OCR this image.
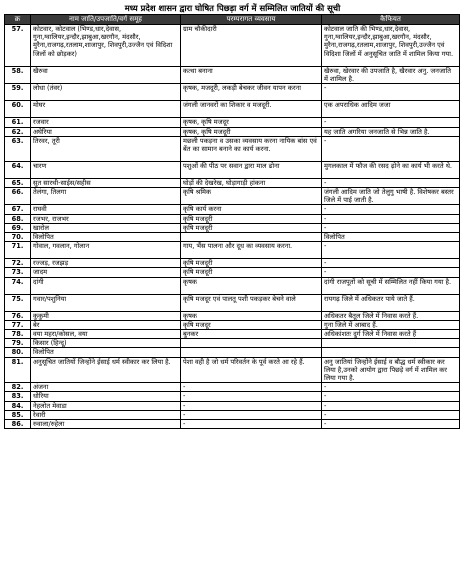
मध्य प्रदेश शासन द्वारा घोषित पिछड़ा वर्ग में सम्मिलित जातियों की सूची
क्र	नाम जाति/उपजाति/वर्ग समूह	परम्परागत व्यवसाय	कैफियत
57.	कोटवार, कोटवाल (भिण्ड,धार,देवास, गुना,ग्वालियर,इन्दौर,झाबुआ,खरगौन, मंदसौर, मुरैना,राजगढ़,रतलाम,शाजापुर, शिवपुरी,उज्जैन एवं विदिशा जिलों को छोड़कर)	ग्राम चौकीदारी	कोटवाल जाति की भिण्ड,धार,देवास, गुना,ग्वालियर,इन्दौर,झाबुआ,खरगौन, मंदसौर, मुरैना,राजगढ़,रतलाम,शाजापुर, शिवपुरी,उज्जैन एवं विदिशा जिलों में अनुसूचित जाति में शामिल किया गया.
58.	खैरुवा	कत्था बनाना	खैरुवा, खेरवार की उपजाति है, खैरवार अनु. जनजाति में शामिल है.
59.	लोधा (तंवर)	कृषक, मजदूरी, लकड़ी बेचकर जीवन यापन करना	-
60.	मोघर	जंगली जानवरों का शिकार व मजदूरी.	एक अपराधिक आदिम जजा
61.	रजवार	कृषक, कृषि मजदूर	-
62.	अघेरिया	कृषक, कृषि मजदूरी	यह जाति अगरिया जनजाति से भिन्न जाति है.
63.	तिरवर, तूरी	मछली पकड़ना व उसका व्यवसाय करना नायिक बांस एवं बेंत का सामान बनाने का कार्य करना.	-
64.	चारण	पशुओं की पीठ पर सवान द्वारा माल ढोना	मुगलकाल में फौज की रसद ढ़ोने का कार्य भी करते थे.
65.	सुत सारथी-साईस/सहीस	घोड़ों की देखरेख, घोड़ागाड़ी हांकना	-
66.	तेलंगा, तिलगा	कृषि श्रमिक	जंगली आदिम जाति जो तेलुगु भाषी है. विशेषकर बस्तर जिले में पाई जाती है.
67.	राघवी	कृषि कार्य करना	-
68.	रजभर, राजभर	कृषि मजदूरी	-
69.	खारोल	कृषि मजदूरी	-
70.	विलोपित		विलोपित
71.	गोवाल, गवलान, गोलान	गाय, भैंस पालना और दूध का व्यवसाय करना.	-
72.	रज्जड़, रजझड़	कृषि मजदूरी	-
73.	जादम	कृषि मजदूरी	-
74.	दांगी	कृषक	दांगी राजपूतों को सूची में सम्मिलित नहीं किया गया है.
75.	गवार/पशुनिया	कृषि मजदूर एवं पालतू पशी पकड़कर बेचने वाले	रायगढ़ जिले में अधिकतर पाये जाते हैं.
76.	कुकुमी	कृषक	अधिकतर बैतूल जिले में निवास करते हैं.
77.	बेर	कृषि मजदूर	गुना जिले में आबाद हैं.
78.	वया महरा/कोसल, वया	बुनकर	अधिकांशतः दुर्ग जिले में निवास करते हैं
79.	किसार (हिन्दू)		
80.	विलोपित		
81.	अनुसूचित जातियों जिन्होंने ईसाई धर्म स्वीकार कर लिया है.	पेशा वही है जो धर्म परिवर्तन के पूर्व करते आ रहे हैं.	अनु जातियां जिन्होंने ईसाई व बौद्ध धर्म स्वीकार कर लिया है,उनको आयोग द्वारा पिछड़े वर्ग में शामिल कर लिया गया है.
82.	अंजना	-	-
83.	धोरिया	-	-
84.	नेहलोत मेवाडा	-	-
85.	रेवारी	-	-
86.	रुवाला/रुहेला	-	-
